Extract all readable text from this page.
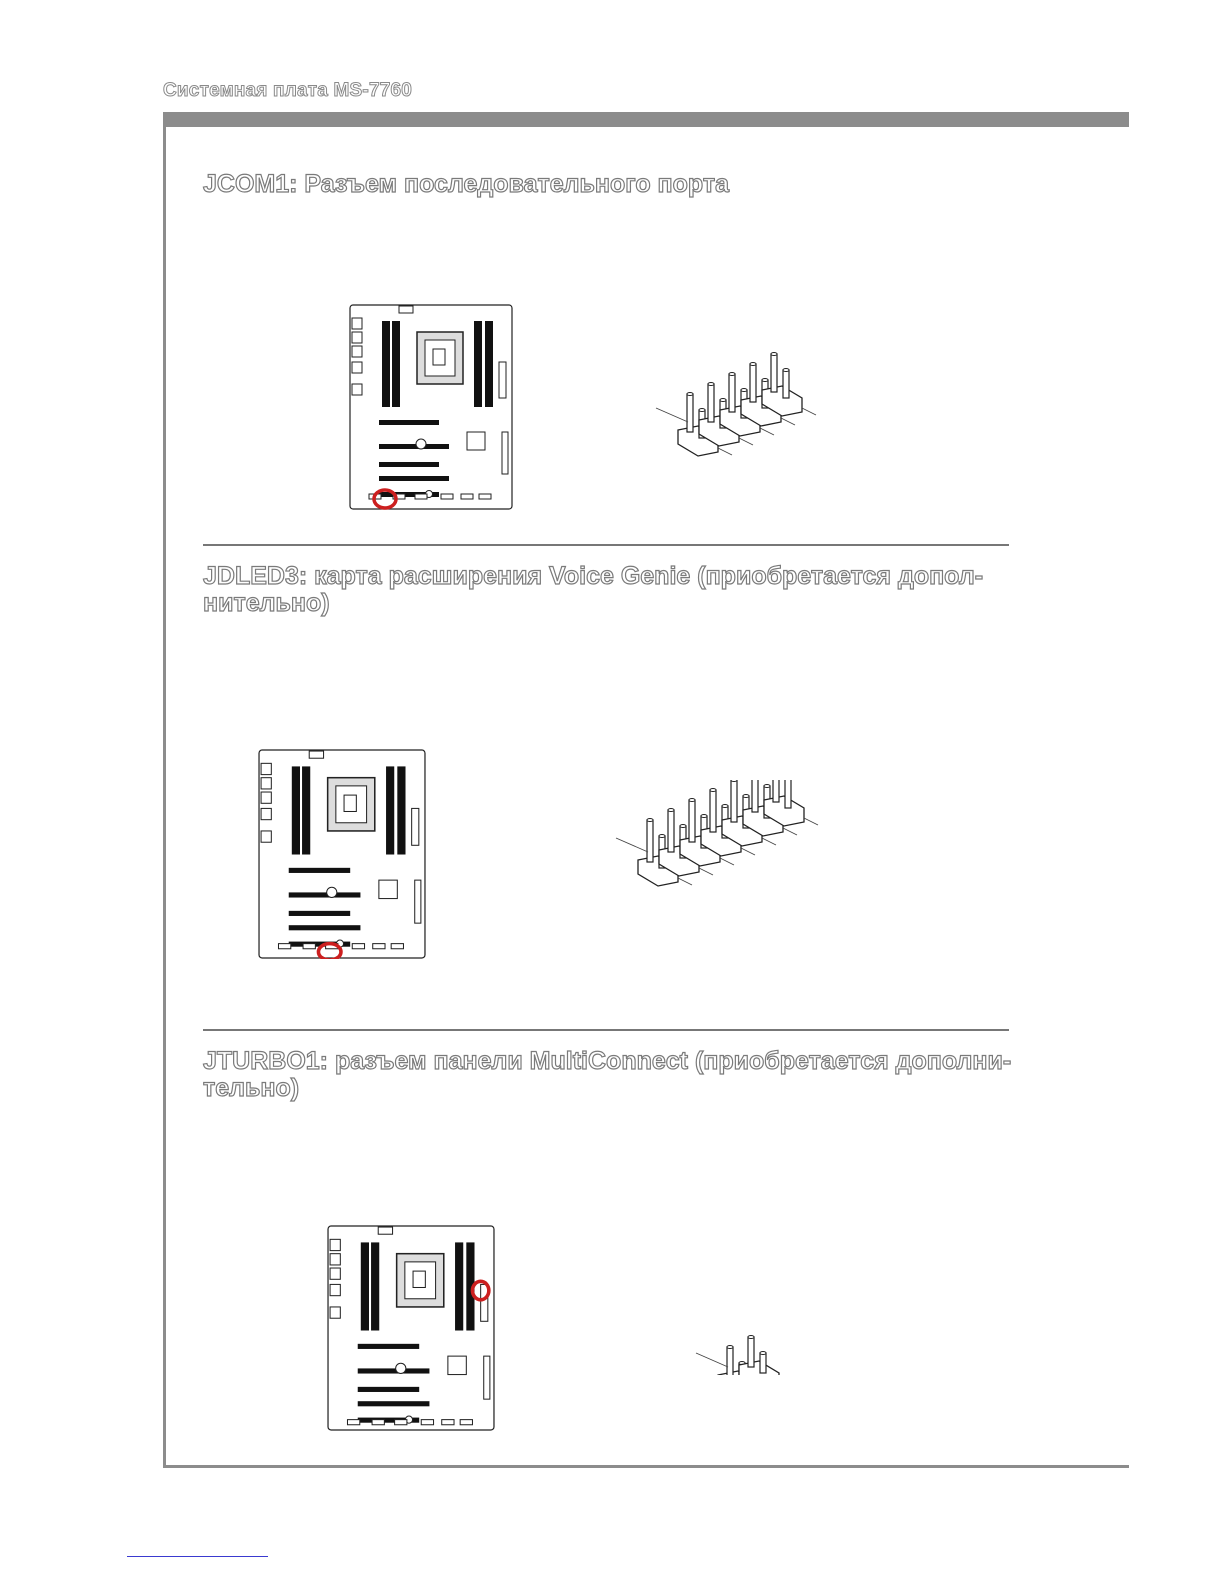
Системная плата MS-7760
JCOM1: Разъем последовательного порта
JDLED3: карта расширения Voice Genie (приобретается допол-нительно)
JTURBO1: разъем панели MultiConnect (приобретается дополни-тельно)
